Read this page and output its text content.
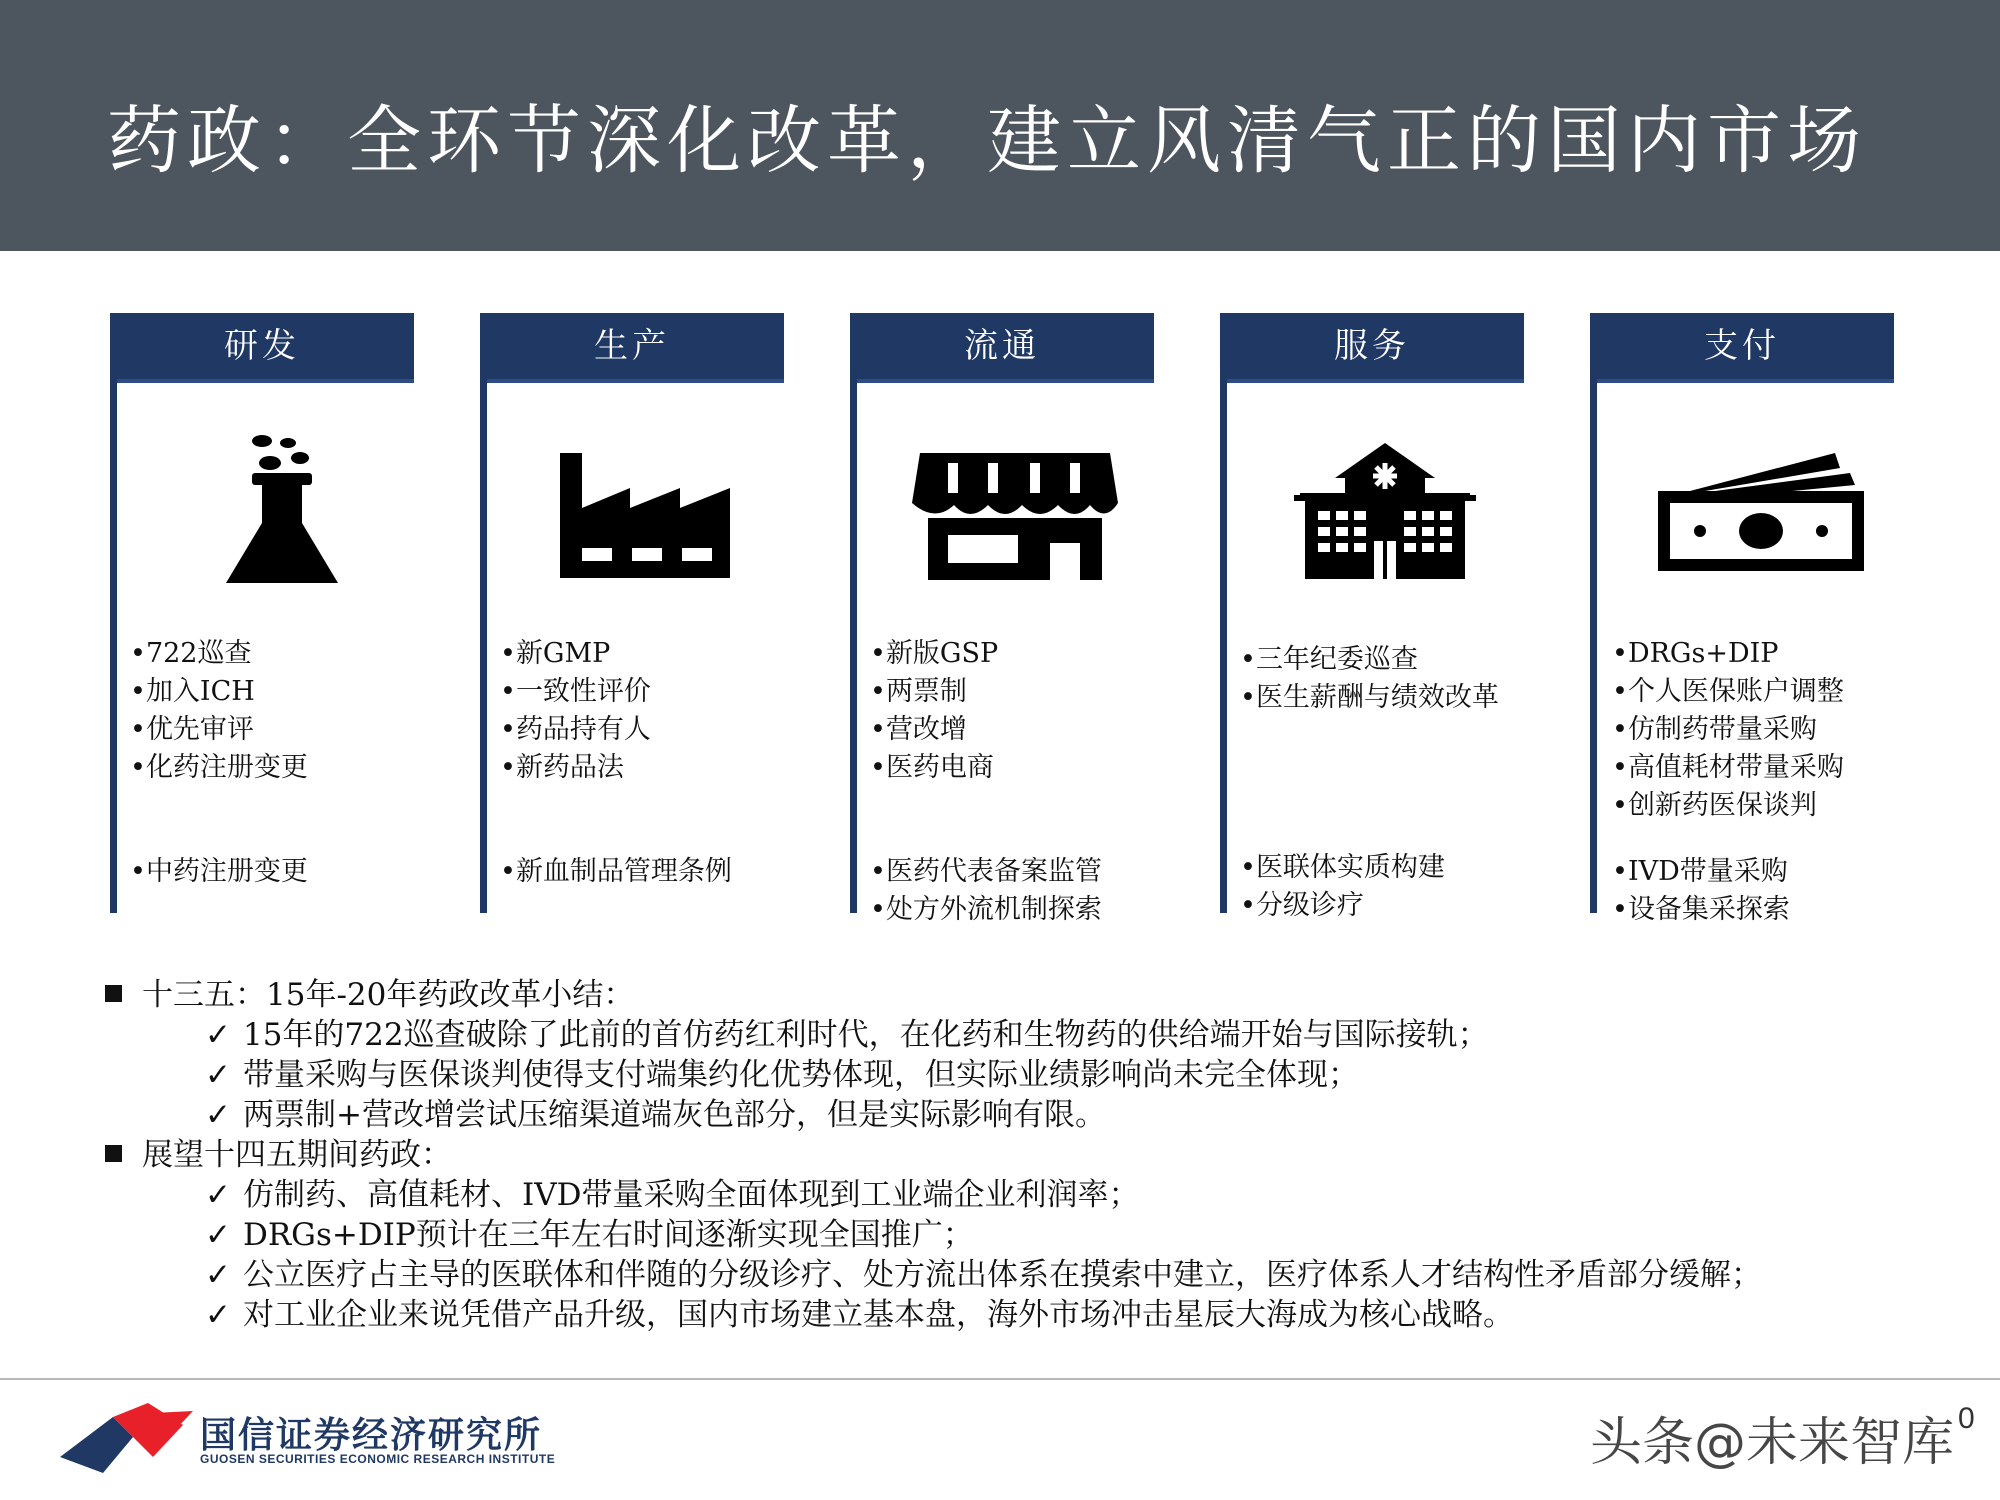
药政：全环节深化改革，建立风清气正的国内市场
研发
• 722巡查
• 加入ICH
• 优先审评
• 化药注册变更
• 中药注册变更
生产
• 新GMP
• 一致性评价
• 药品持有人
• 新药品法
• 新血制品管理条例
流通
• 新版GSP
• 两票制
• 营改增
• 医药电商
• 医药代表备案监管
• 处方外流机制探索
服务
• 三年纪委巡查
• 医生薪酬与绩效改革
• 医联体实质构建
• 分级诊疗
支付
• DRGs+DIP
• 个人医保账户调整
• 仿制药带量采购
• 高值耗材带量采购
• 创新药医保谈判
• IVD带量采购
• 设备集采探索
十三五：15年-20年药政改革小结：
✓ 15年的722巡查破除了此前的首仿药红利时代，在化药和生物药的供给端开始与国际接轨；
✓ 带量采购与医保谈判使得支付端集约化优势体现，但实际业绩影响尚未完全体现；
✓ 两票制+营改增尝试压缩渠道端灰色部分，但是实际影响有限。
展望十四五期间药政：
✓ 仿制药、高值耗材、IVD带量采购全面体现到工业端企业利润率；
✓ DRGs+DIP预计在三年左右时间逐渐实现全国推广；
✓ 公立医疗占主导的医联体和伴随的分级诊疗、处方流出体系在摸索中建立，医疗体系人才结构性矛盾部分缓解；
✓ 对工业企业来说凭借产品升级，国内市场建立基本盘，海外市场冲击星辰大海成为核心战略。
国信证券经济研究所
GUOSEN SECURITIES ECONOMIC RESEARCH INSTITUTE	头条@未来智库 0
